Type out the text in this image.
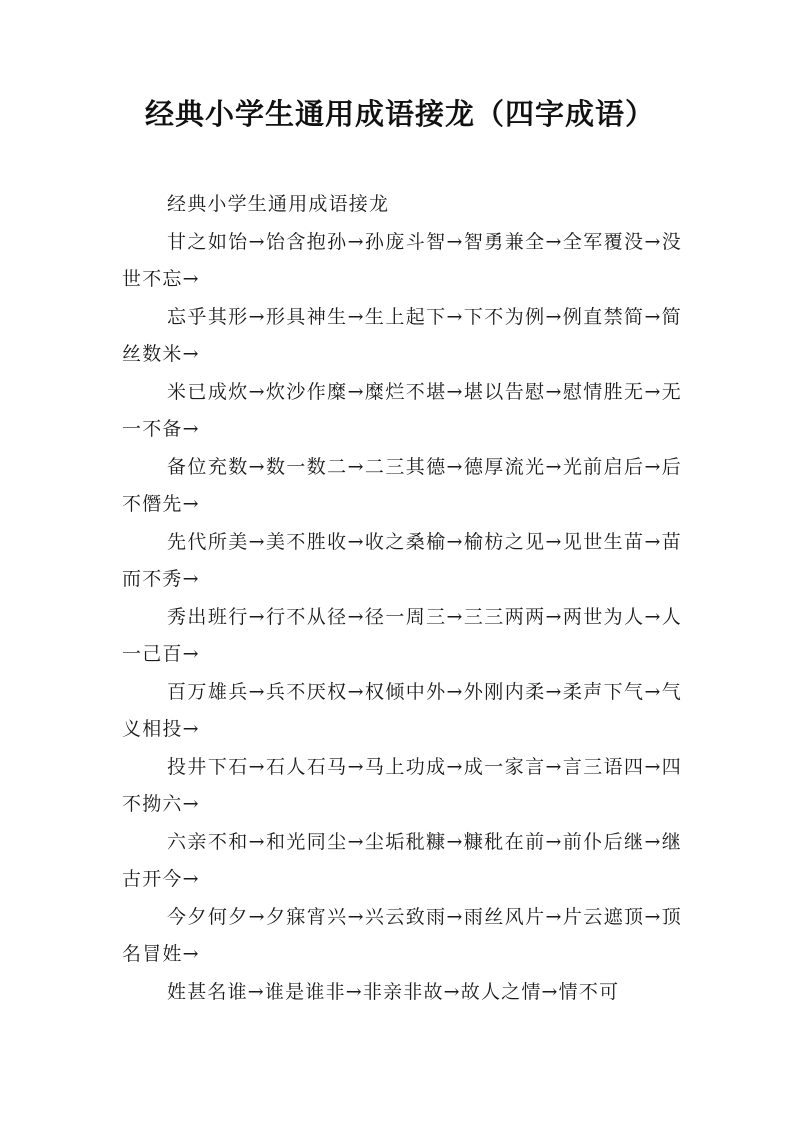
经典小学生通用成语接龙（四字成语）

经典小学生通用成语接龙

甘之如饴→饴含抱孙→孙庞斗智→智勇兼全→全军覆没→没世不忘→

忘乎其形→形具神生→生上起下→下不为例→例直禁简→简丝数米→

米已成炊→炊沙作糜→糜烂不堪→堪以告慰→慰情胜无→无一不备→

备位充数→数一数二→二三其德→德厚流光→光前启后→后不僭先→

先代所美→美不胜收→收之桑榆→榆枋之见→见世生苗→苗而不秀→

秀出班行→行不从径→径一周三→三三两两→两世为人→人一己百→

百万雄兵→兵不厌权→权倾中外→外刚内柔→柔声下气→气义相投→

投井下石→石人石马→马上功成→成一家言→言三语四→四不拗六→

六亲不和→和光同尘→尘垢秕糠→糠秕在前→前仆后继→继古开今→

今夕何夕→夕寐宵兴→兴云致雨→雨丝风片→片云遮顶→顶名冒姓→

姓甚名谁→谁是谁非→非亲非故→故人之情→情不可
